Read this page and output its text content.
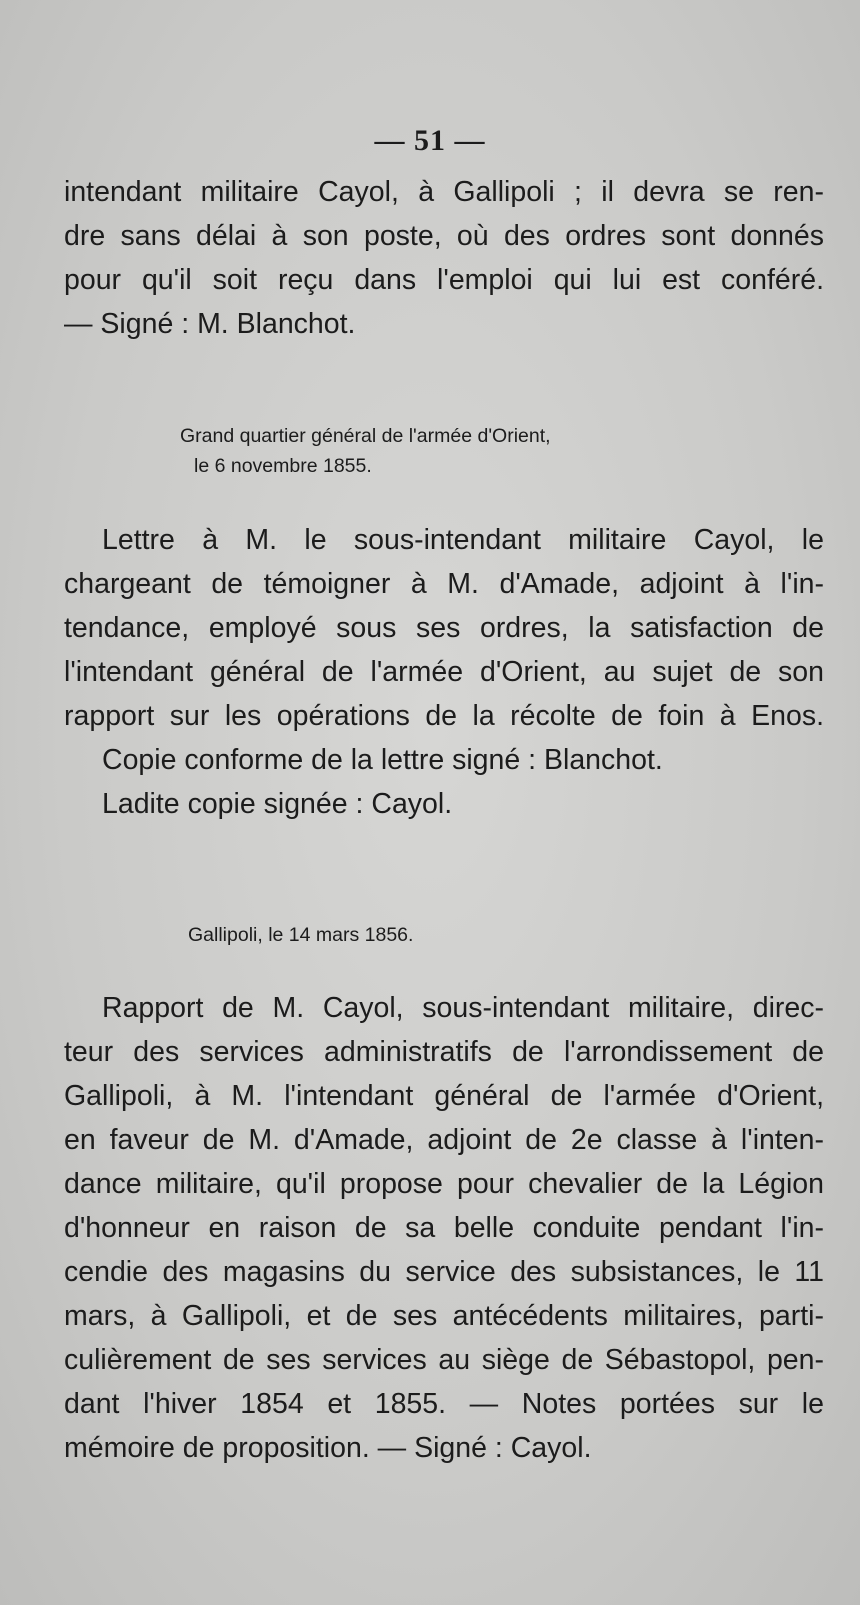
— 51 —
intendant militaire Cayol, à Gallipoli ; il devra se ren-
dre sans délai à son poste, où des ordres sont donnés
pour qu'il soit reçu dans l'emploi qui lui est conféré.
— Signé : M. Blanchot.
Grand quartier général de l'armée d'Orient,
le 6 novembre 1855.
Lettre à M. le sous-intendant militaire Cayol, le
chargeant de témoigner à M. d'Amade, adjoint à l'in-
tendance, employé sous ses ordres, la satisfaction de
l'intendant général de l'armée d'Orient, au sujet de son
rapport sur les opérations de la récolte de foin à Enos.
Copie conforme de la lettre signé : Blanchot.
Ladite copie signée : Cayol.
Gallipoli, le 14 mars 1856.
Rapport de M. Cayol, sous-intendant militaire, direc-
teur des services administratifs de l'arrondissement de
Gallipoli, à M. l'intendant général de l'armée d'Orient,
en faveur de M. d'Amade, adjoint de 2e classe à l'inten-
dance militaire, qu'il propose pour chevalier de la Légion
d'honneur en raison de sa belle conduite pendant l'in-
cendie des magasins du service des subsistances, le 11
mars, à Gallipoli, et de ses antécédents militaires, parti-
culièrement de ses services au siège de Sébastopol, pen-
dant l'hiver 1854 et 1855. — Notes portées sur le
mémoire de proposition. — Signé : Cayol.
